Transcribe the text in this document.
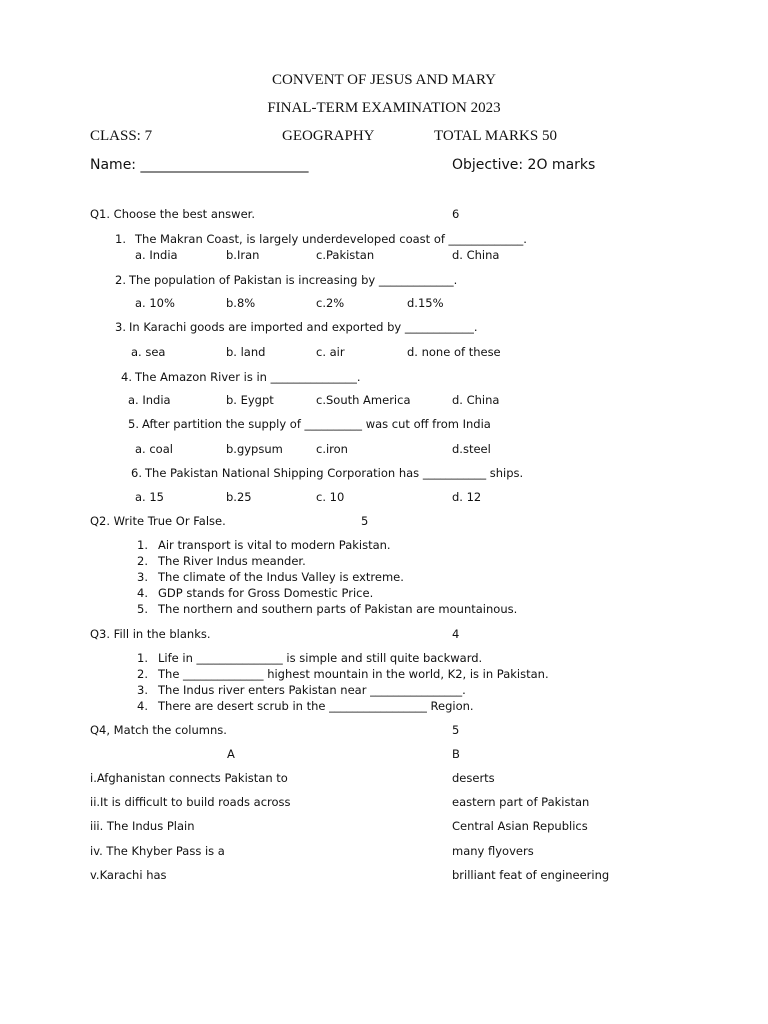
CONVENT OF JESUS AND MARY
FINAL-TERM EXAMINATION 2023
CLASS: 7	GEOGRAPHY	TOTAL MARKS 50
Name: ________________________	Objective: 2O marks
Q1. Choose the best answer.	6
1. The Makran Coast, is largely underdeveloped coast of _____________.
a. India	b.Iran	c.Pakistan	d. China
2. The population of Pakistan is increasing by _____________.
a. 10%	b.8%	c.2%	d.15%
3. In Karachi goods are imported and exported by ____________.
a. sea	b. land	c. air	d. none of these
4. The Amazon River is in _______________.
a. India	b. Eygpt	c.South America	d. China
5. After partition the supply of __________ was cut off from India
a. coal	b.gypsum	c.iron	d.steel
6. The Pakistan National Shipping Corporation has ___________ ships.
a. 15	b.25	c. 10	d. 12
Q2. Write True Or False.	5
1. Air transport is vital to modern Pakistan.
2. The River Indus meander.
3. The climate of the Indus Valley is extreme.
4. GDP stands for Gross Domestic Price.
5. The northern and southern parts of Pakistan are mountainous.
Q3. Fill in the blanks.	4
1. Life in _______________ is simple and still quite backward.
2. The ______________ highest mountain in the world, K2, is in Pakistan.
3. The Indus river enters Pakistan near ________________.
4. There are desert scrub in the _________________ Region.
Q4, Match the columns.	5
A	B
i.Afghanistan connects Pakistan to	deserts
ii.It is difficult to build roads across	eastern part of Pakistan
iii. The Indus Plain	Central Asian Republics
iv. The Khyber Pass is a	many flyovers
v.Karachi has	brilliant feat of engineering
